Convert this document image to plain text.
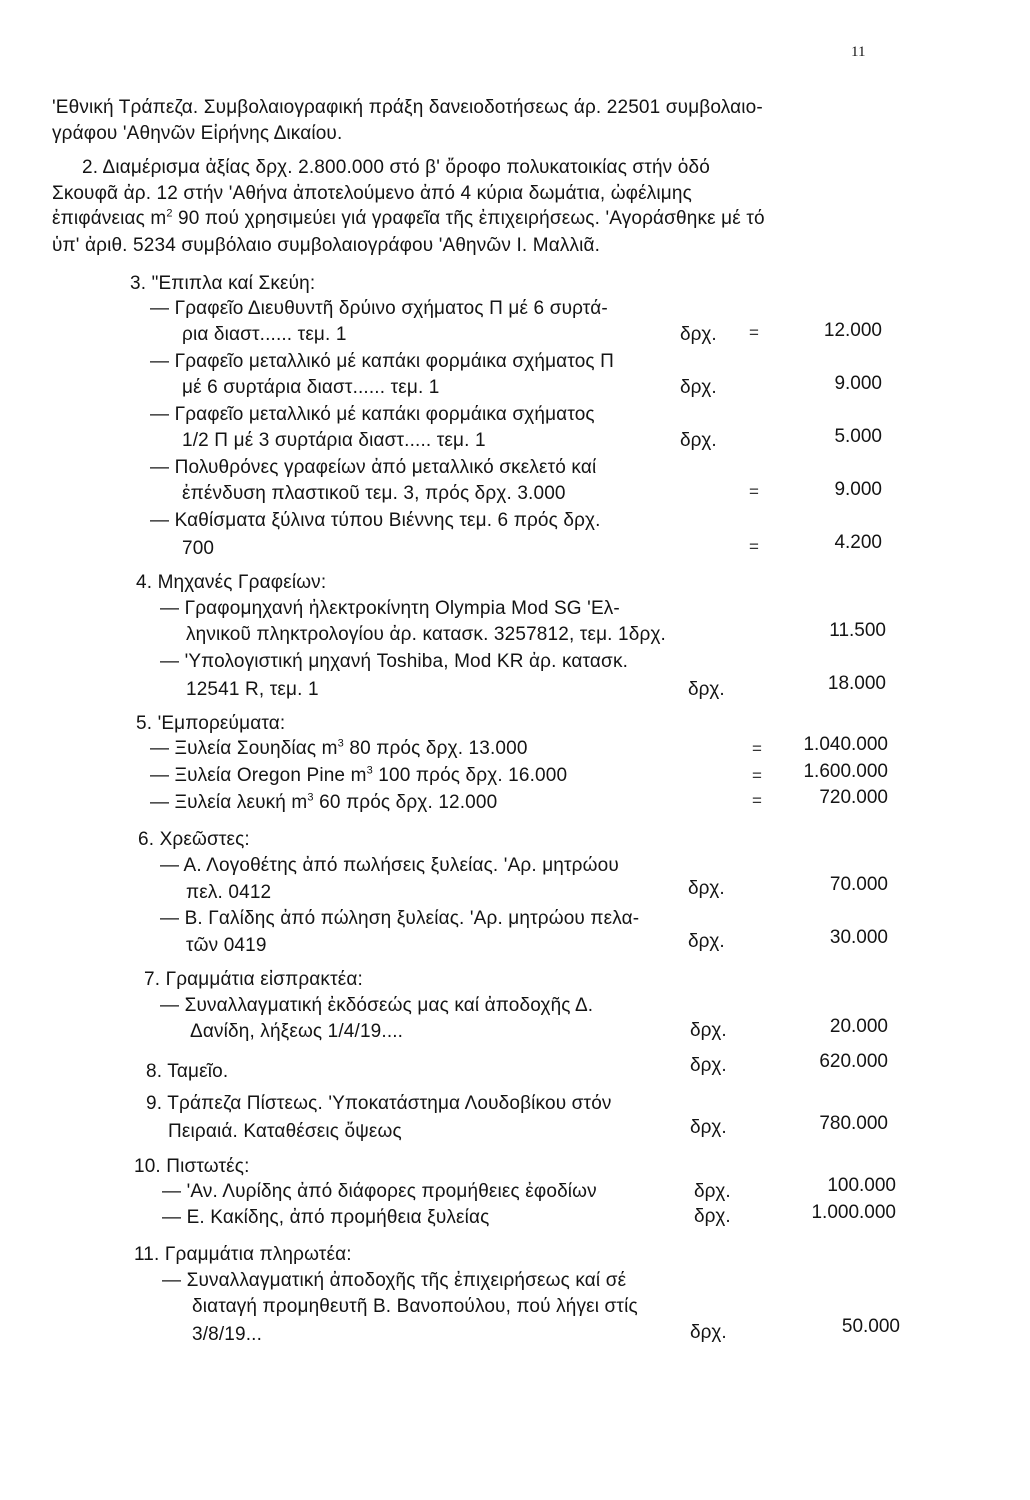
11
'Εθνική Τράπεζα. Συμβολαιογραφική πράξη δανειοδοτήσεως άρ. 22501 συμβολαιο-
γράφου 'Αθηνῶν Εἰρήνης Δικαίου.
2. Διαμέρισμα ἀξίας δρχ. 2.800.000 στό β' ὄροφο πολυκατοικίας στήν ὁδό
Σκουφᾶ ἀρ. 12 στήν 'Αθήνα ἀποτελούμενο ἀπό 4 κύρια δωμάτια, ὠφέλιμης
ἐπιφάνειας $m^2$ 90 πού χρησιμεύει γιά γραφεῖα τῆς ἐπιχειρήσεως. 'Αγοράσθηκε μέ τό
ὑπ' ἀριθ. 5234 συμβόλαιο συμβολαιογράφου 'Αθηνῶν Ι. Μαλλιᾶ.
3. "Επιπλα καί Σκεύη:
— Γραφεῖο Διευθυντῆ δρύινο σχήματος Π μέ 6 συρτά-
ρια διαστ...... τεμ. 1	δρχ. =	12.000
— Γραφεῖο μεταλλικό μέ καπάκι φορμάικα σχήματος Π
μέ 6 συρτάρια διαστ...... τεμ. 1	δρχ.	9.000
— Γραφεῖο μεταλλικό μέ καπάκι φορμάικα σχήματος
1/2 Π μέ 3 συρτάρια διαστ..... τεμ. 1	δρχ.	5.000
— Πολυθρόνες γραφείων ἀπό μεταλλικό σκελετό καί
ἐπένδυση πλαστικοῦ τεμ. 3, πρός δρχ. 3.000	=	9.000
— Καθίσματα ξύλινα τύπου Βιέννης τεμ. 6 πρός δρχ.
700	=	4.200
4. Μηχανές Γραφείων:
— Γραφομηχανή ἠλεκτροκίνητη Olympia Mod SG 'Ελ-
ληνικοῦ πληκτρολογίου ἀρ. κατασκ. 3257812, τεμ. 1δρχ.	11.500
— 'Υπολογιστική μηχανή Toshiba, Mod KR ἀρ. κατασκ.
12541 R, τεμ. 1	δρχ.	18.000
5. 'Εμπορεύματα:
— Ξυλεία Σουηδίας $m^3$ 80 πρός δρχ. 13.000	= 1.040.000
— Ξυλεία Oregon Pine $m^3$ 100 πρός δρχ. 16.000	= 1.600.000
— Ξυλεία λευκή $m^3$ 60 πρός δρχ. 12.000	=	720.000
6. Χρεῶστες:
— Α. Λογοθέτης ἀπό πωλήσεις ξυλείας. 'Αρ. μητρώου
πελ. 0412	δρχ.	70.000
— Β. Γαλίδης ἀπό πώληση ξυλείας. 'Αρ. μητρώου πελα-
τῶν 0419	δρχ.	30.000
7. Γραμμάτια εἰσπρακτέα:
— Συναλλαγματική ἐκδόσεώς μας καί ἀποδοχῆς Δ.
Δανίδη, λήξεως 1/4/19....	δρχ.	20.000
8. Ταμεῖο.	δρχ.	620.000
9. Τράπεζα Πίστεως. 'Υποκατάστημα Λουδοβίκου στόν
Πειραιά. Καταθέσεις ὄψεως	δρχ.	780.000
10. Πιστωτές:
— 'Αν. Λυρίδης ἀπό διάφορες προμήθειες ἐφοδίων	δρχ.	100.000
— Ε. Κακίδης, ἀπό προμήθεια ξυλείας	δρχ.	1.000.000
11. Γραμμάτια πληρωτέα:
— Συναλλαγματική ἀποδοχῆς τῆς ἐπιχειρήσεως καί σέ
διαταγή προμηθευτῆ Β. Βανοπούλου, πού λήγει στίς
3/8/19...	δρχ.	50.000
